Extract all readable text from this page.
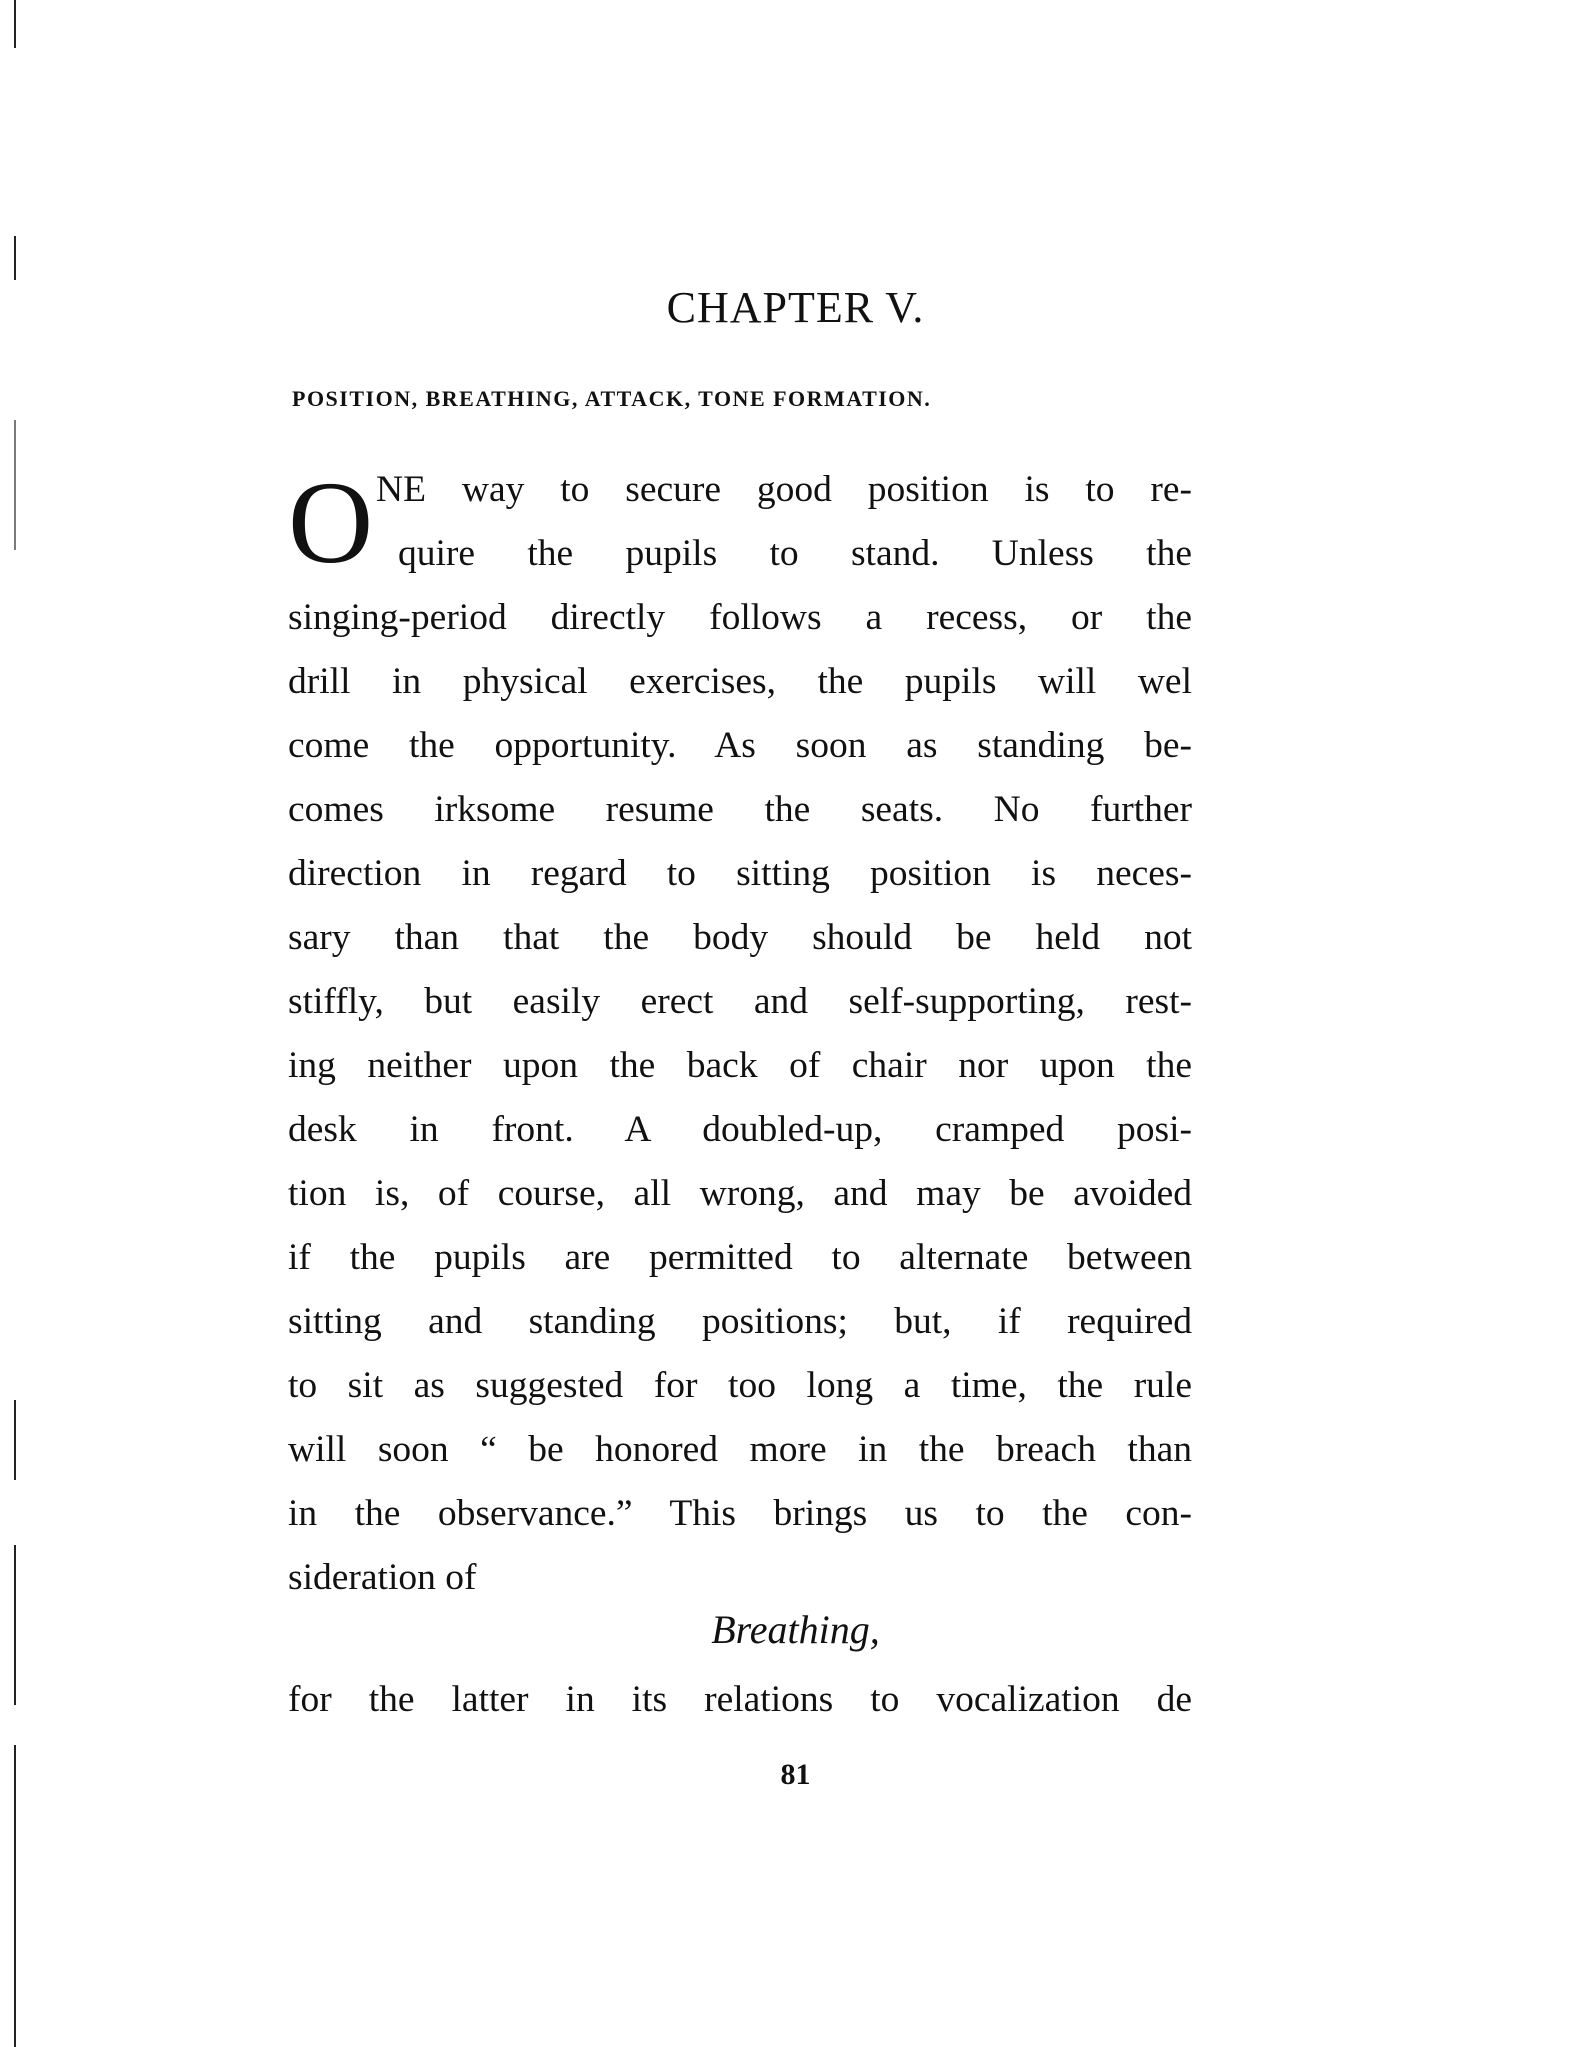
CHAPTER V.
POSITION, BREATHING, ATTACK, TONE FORMATION.
O NE way to secure good position is to re-
quire the pupils to stand. Unless the
singing-period directly follows a recess, or the
drill in physical exercises, the pupils will wel
come the opportunity. As soon as standing be-
comes irksome resume the seats. No further
direction in regard to sitting position is neces-
sary than that the body should be held not
stiffly, but easily erect and self-supporting, rest-
ing neither upon the back of chair nor upon the
desk in front. A doubled-up, cramped posi-
tion is, of course, all wrong, and may be avoided
if the pupils are permitted to alternate between
sitting and standing positions; but, if required
to sit as suggested for too long a time, the rule
will soon “ be honored more in the breach than
in the observance.” This brings us to the con-
sideration of
Breathing,
for the latter in its relations to vocalization de
81
